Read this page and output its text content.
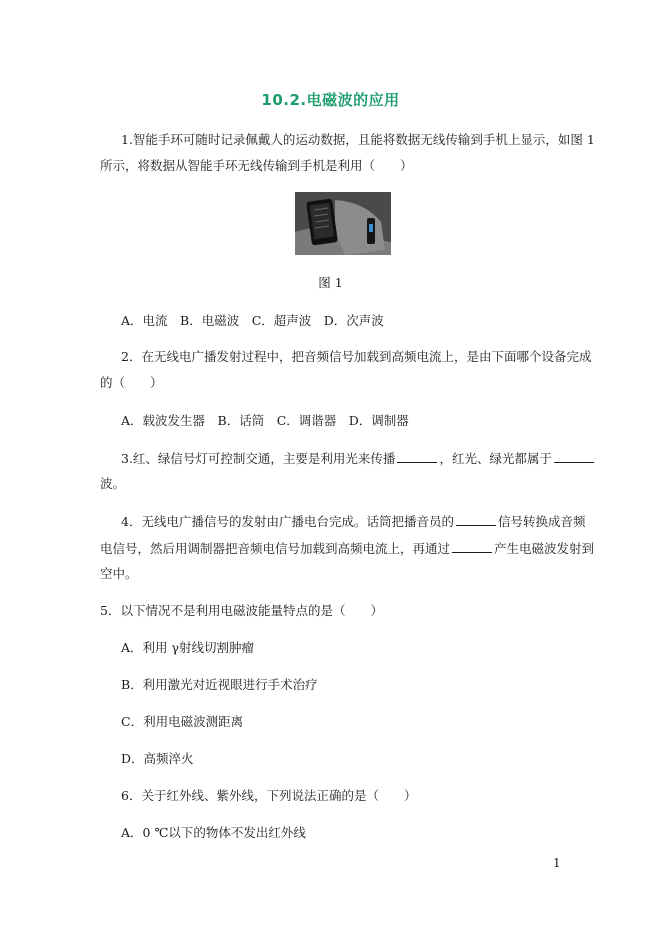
10.2.电磁波的应用
1.智能手环可随时记录佩戴人的运动数据，且能将数据无线传输到手机上显示，如图 1
所示，将数据从智能手环无线传输到手机是利用（　　）
图 1
A．电流　B．电磁波　C．超声波　D．次声波
2．在无线电广播发射过程中，把音频信号加载到高频电流上，是由下面哪个设备完成
的（　　）
A．载波发生器　B．话筒　C．调谐器　D．调制器
3.红、绿信号灯可控制交通，主要是利用光来传播	，红光、绿光都属于
波。
4．无线电广播信号的发射由广播电台完成。话筒把播音员的	信号转换成音频
电信号，然后用调制器把音频电信号加载到高频电流上，再通过	产生电磁波发射到
空中。
5．以下情况不是利用电磁波能量特点的是（　　）
A．利用 γ射线切割肿瘤
B．利用激光对近视眼进行手术治疗
C．利用电磁波测距离
D．高频淬火
6．关于红外线、紫外线，下列说法正确的是（　　）
A．0 ℃以下的物体不发出红外线
1
